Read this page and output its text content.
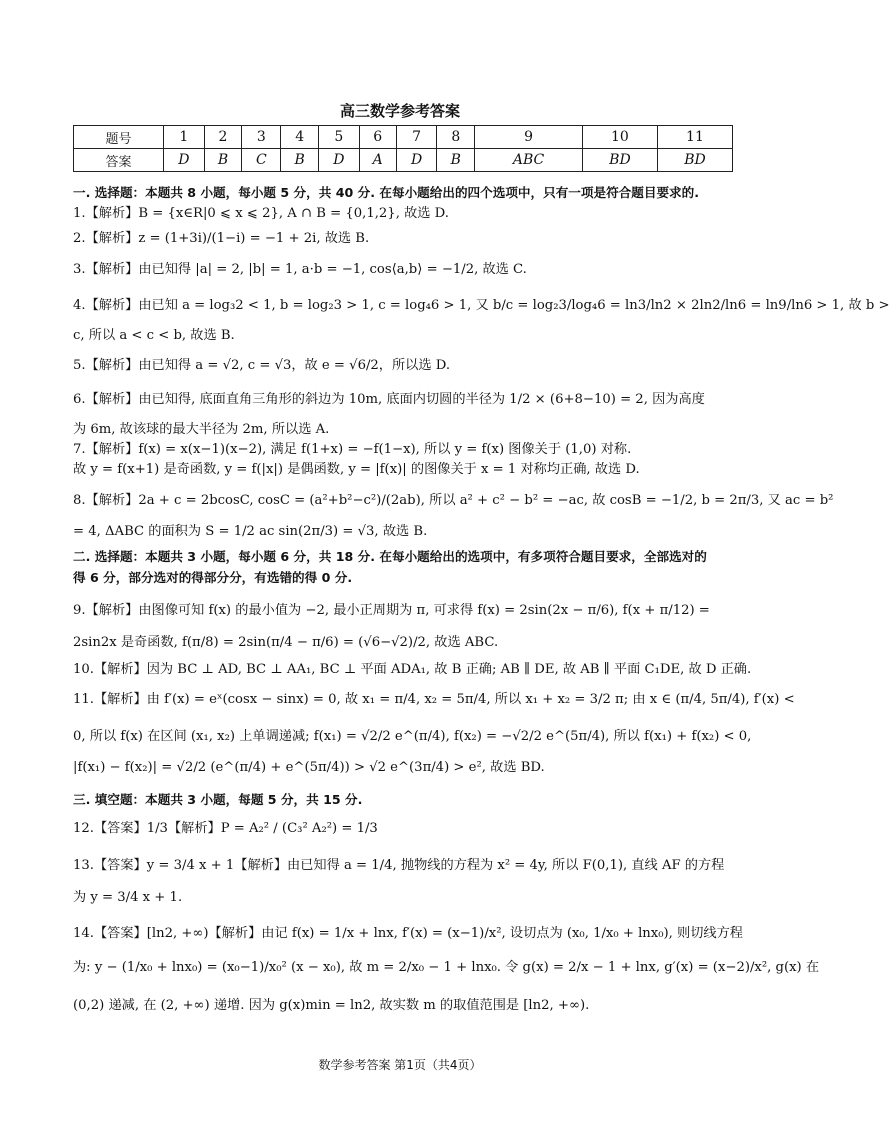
高三数学参考答案
题号	1	2	3	4	5	6	7	8	9	10	11
答案	D	B	C	B	D	A	D	B	ABC	BD	BD
一. 选择题：本题共 8 小题，每小题 5 分，共 40 分. 在每小题给出的四个选项中，只有一项是符合题目要求的.
1.【解析】B = {x∈R|0 ⩽ x ⩽ 2}, A ∩ B = {0,1,2}, 故选 D.
2.【解析】z = (1+3i)/(1−i) = −1 + 2i, 故选 B.
3.【解析】由已知得 |a| = 2, |b| = 1, a·b = −1, cos⟨a,b⟩ = −1/2, 故选 C.
4.【解析】由已知 a = log₃2 < 1, b = log₂3 > 1, c = log₄6 > 1, 又 b/c = log₂3/log₄6 = ln3/ln2 × 2ln2/ln6 = ln9/ln6 > 1, 故 b >
c, 所以 a < c < b, 故选 B.
5.【解析】由已知得 a = √2, c = √3，故 e = √6/2，所以选 D.
6.【解析】由已知得, 底面直角三角形的斜边为 10m, 底面内切圆的半径为 1/2 × (6+8−10) = 2, 因为高度
为 6m, 故该球的最大半径为 2m, 所以选 A.
7.【解析】f(x) = x(x−1)(x−2), 满足 f(1+x) = −f(1−x), 所以 y = f(x) 图像关于 (1,0) 对称.
故 y = f(x+1) 是奇函数, y = f(|x|) 是偶函数, y = |f(x)| 的图像关于 x = 1 对称均正确, 故选 D.
8.【解析】2a + c = 2bcosC, cosC = (a²+b²−c²)/(2ab), 所以 a² + c² − b² = −ac, 故 cosB = −1/2, b = 2π/3, 又 ac = b²
= 4, ΔABC 的面积为 S = 1/2 ac sin(2π/3) = √3, 故选 B.
二. 选择题：本题共 3 小题，每小题 6 分，共 18 分. 在每小题给出的选项中，有多项符合题目要求，全部选对的
得 6 分，部分选对的得部分分，有选错的得 0 分.
9.【解析】由图像可知 f(x) 的最小值为 −2, 最小正周期为 π, 可求得 f(x) = 2sin(2x − π/6), f(x + π/12) =
2sin2x 是奇函数, f(π/8) = 2sin(π/4 − π/6) = (√6−√2)/2, 故选 ABC.
10.【解析】因为 BC ⊥ AD, BC ⊥ AA₁, BC ⊥ 平面 ADA₁, 故 B 正确; AB ∥ DE, 故 AB ∥ 平面 C₁DE, 故 D 正确.
11.【解析】由 f′(x) = eˣ(cosx − sinx) = 0, 故 x₁ = π/4, x₂ = 5π/4, 所以 x₁ + x₂ = 3/2 π; 由 x ∈ (π/4, 5π/4), f′(x) <
0, 所以 f(x) 在区间 (x₁, x₂) 上单调递减; f(x₁) = √2/2 e^(π/4), f(x₂) = −√2/2 e^(5π/4), 所以 f(x₁) + f(x₂) < 0,
|f(x₁) − f(x₂)| = √2/2 (e^(π/4) + e^(5π/4)) > √2 e^(3π/4) > e², 故选 BD.
三. 填空题：本题共 3 小题，每题 5 分，共 15 分.
12.【答案】1/3【解析】P = A₂² / (C₃² A₂²) = 1/3
13.【答案】y = 3/4 x + 1【解析】由已知得 a = 1/4, 抛物线的方程为 x² = 4y, 所以 F(0,1), 直线 AF 的方程
为 y = 3/4 x + 1.
14.【答案】[ln2, +∞)【解析】由记 f(x) = 1/x + lnx, f′(x) = (x−1)/x², 设切点为 (x₀, 1/x₀ + lnx₀), 则切线方程
为: y − (1/x₀ + lnx₀) = (x₀−1)/x₀² (x − x₀), 故 m = 2/x₀ − 1 + lnx₀. 令 g(x) = 2/x − 1 + lnx, g′(x) = (x−2)/x², g(x) 在
(0,2) 递减, 在 (2, +∞) 递增. 因为 g(x)min = ln2, 故实数 m 的取值范围是 [ln2, +∞).
数学参考答案 第1页（共4页）
